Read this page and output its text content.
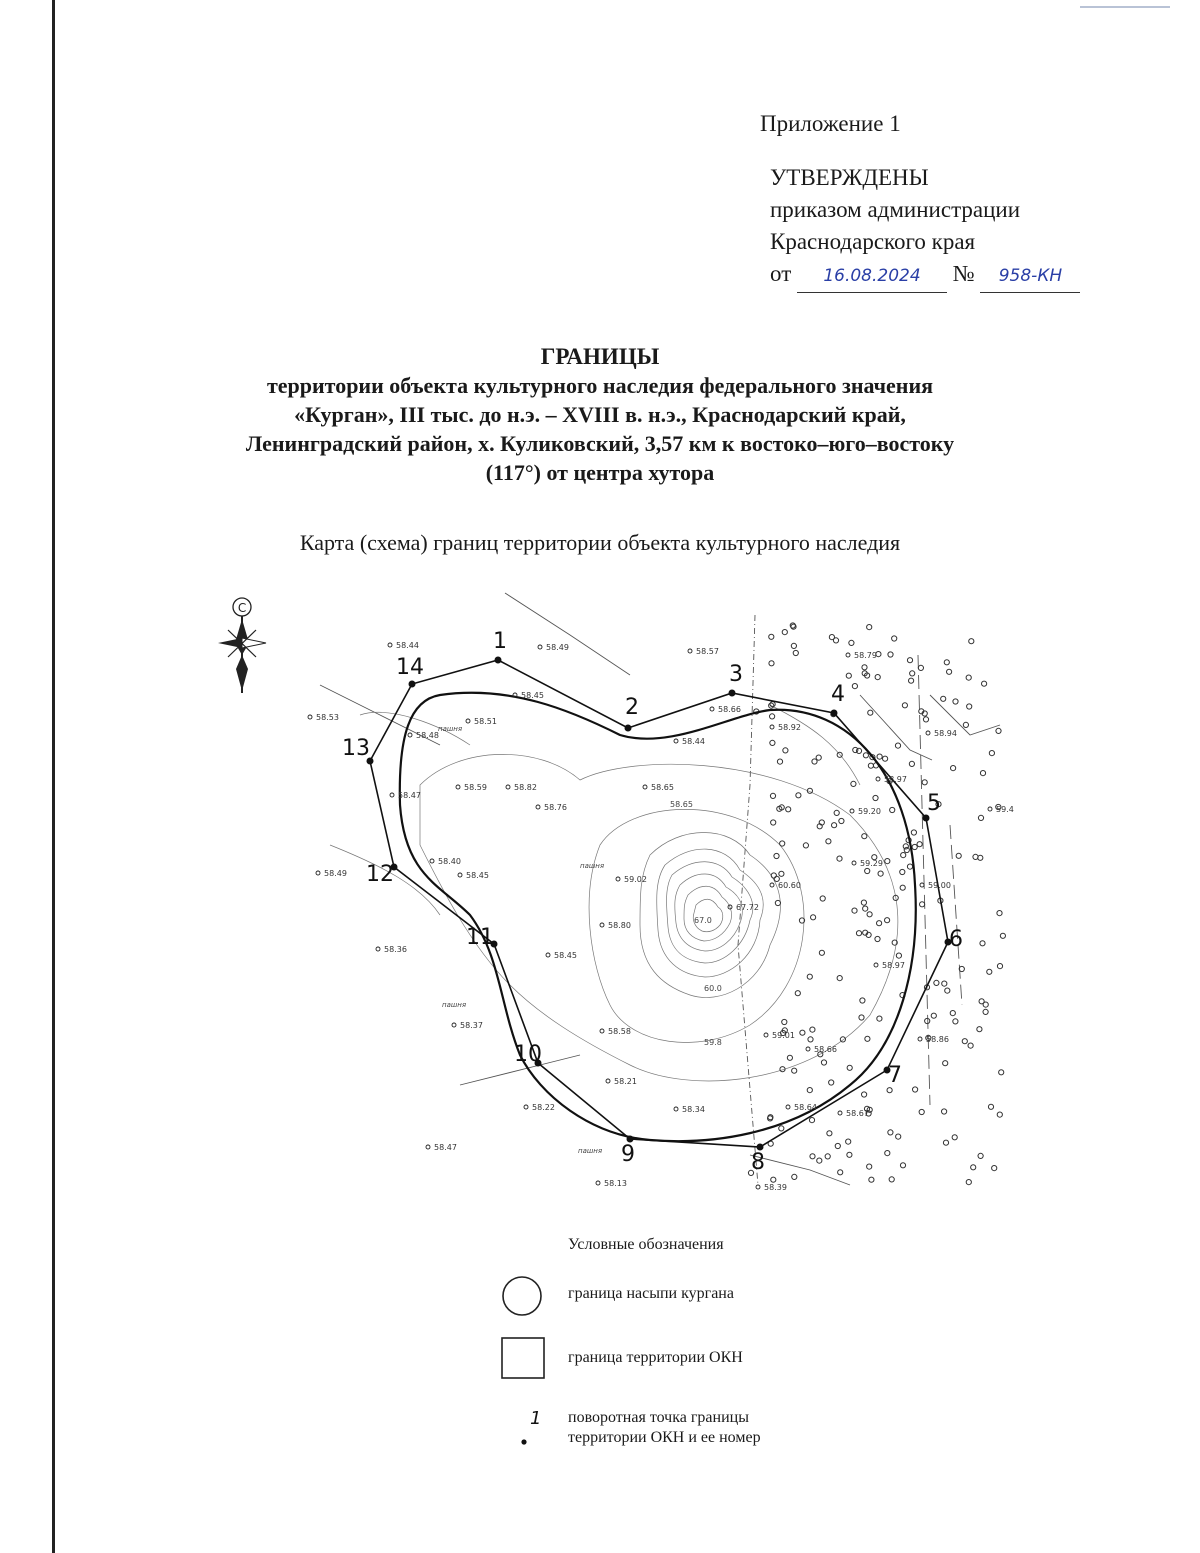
Приложение 1
УТВЕРЖДЕНЫ
приказом администрации
Краснодарского края
от 16.08.2024 № 958-КН
ГРАНИЦЫ
территории объекта культурного наследия федерального значения
«Курган», III тыс. до н.э. – XVIII в. н.э., Краснодарский край,
Ленинградский район, х. Куликовский, 3,57 км к востоко–юго–востоку
(117°) от центра хутора
Карта (схема) границ территории объекта культурного наследия
С
1
2
3
4
5
6
7
8
9
10
11
12
13
14
58.44	58.49	58.57	58.79
58.45
58.51
58.48
58.53
58.47
58.59	58.82
58.76
58.65
58.66
58.94
58.97
59.20
59.29
59.00
58.86
58.40
58.45
58.49
58.47
58.36
58.45
58.80
59.02
60.60
67.72
58.37
58.58
58.21
58.22	58.34	58.64
58.67
58.13	58.39
58.66
58.44
58.92
58.97
59.01
59.4
59.8
60.0
67.0
58.65
пашня
пашня
пашня
пашня
Условные обозначения
граница насыпи кургана
граница территории ОКН
1 поворотная точка границы
территории ОКН и ее номер
